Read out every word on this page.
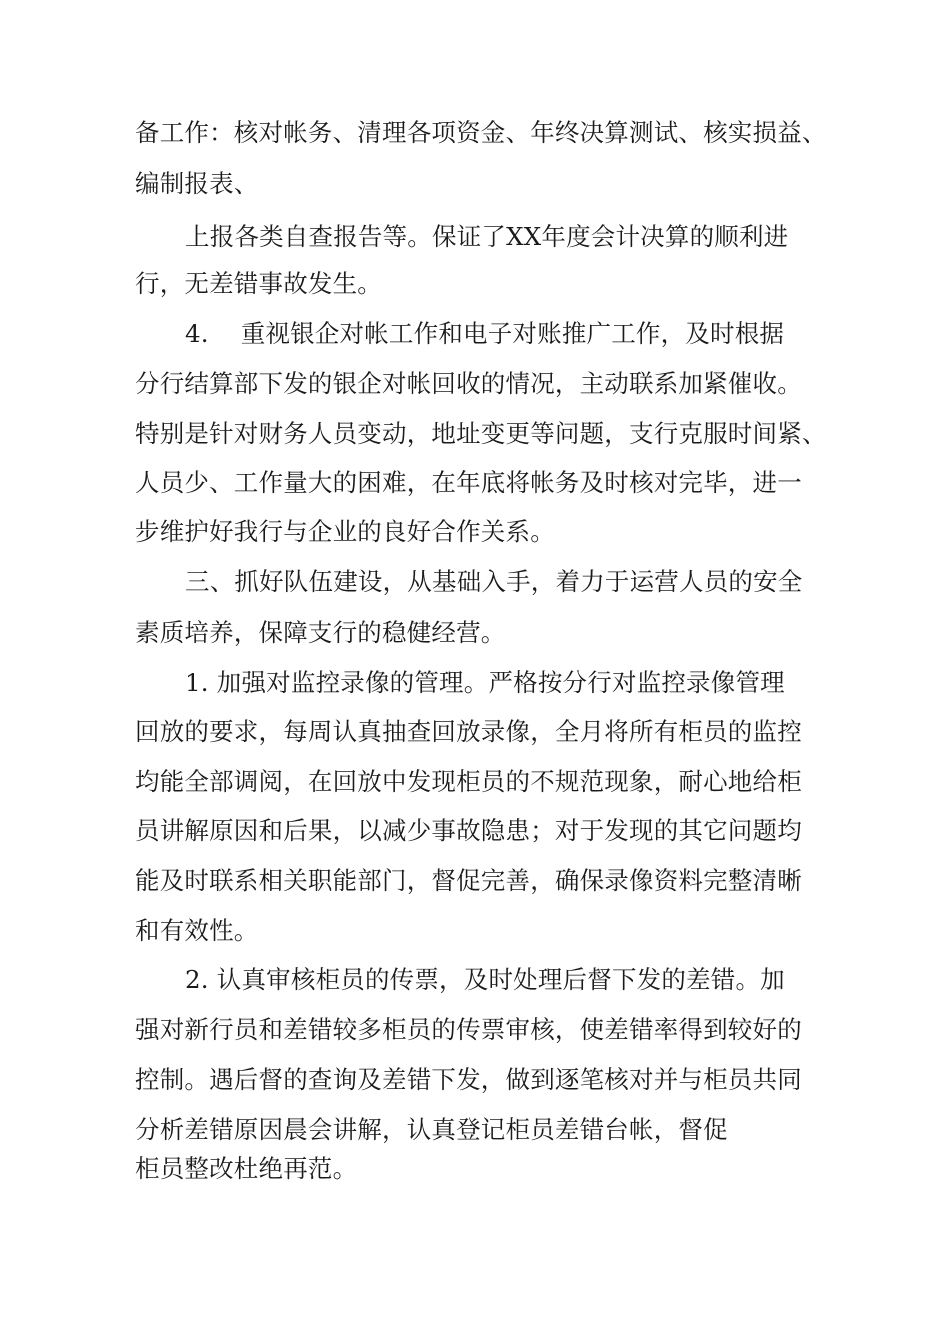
备工作：核对帐务、清理各项资金、年终决算测试、核实损益、
编制报表、
上报各类自查报告等。保证了XX年度会计决算的顺利进
行，无差错事故发生。
4.    重视银企对帐工作和电子对账推广工作，及时根据
分行结算部下发的银企对帐回收的情况，主动联系加紧催收。
特别是针对财务人员变动，地址变更等问题，支行克服时间紧、
人员少、工作量大的困难，在年底将帐务及时核对完毕，进一
步维护好我行与企业的良好合作关系。
三、抓好队伍建设，从基础入手，着力于运营人员的安全
素质培养，保障支行的稳健经营。
1. 加强对监控录像的管理。严格按分行对监控录像管理
回放的要求，每周认真抽查回放录像，全月将所有柜员的监控
均能全部调阅，在回放中发现柜员的不规范现象，耐心地给柜
员讲解原因和后果，以减少事故隐患；对于发现的其它问题均
能及时联系相关职能部门，督促完善，确保录像资料完整清晰
和有效性。
2. 认真审核柜员的传票，及时处理后督下发的差错。加
强对新行员和差错较多柜员的传票审核，使差错率得到较好的
控制。遇后督的查询及差错下发，做到逐笔核对并与柜员共同
分析差错原因晨会讲解，认真登记柜员差错台帐，督促
柜员整改杜绝再范。
